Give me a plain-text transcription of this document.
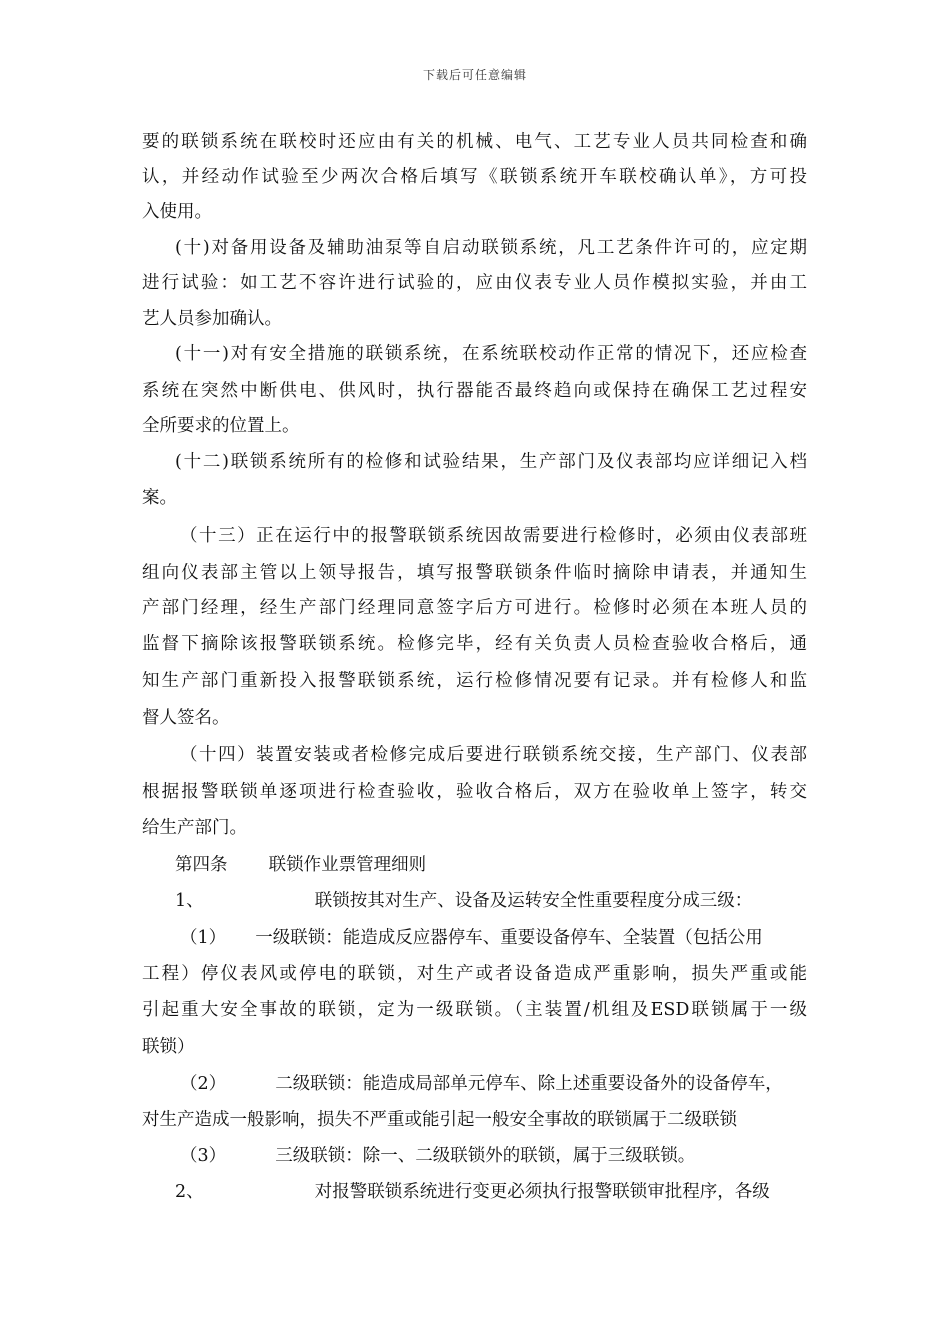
下载后可任意编辑
要的联锁系统在联校时还应由有关的机械、电气、工艺专业人员共同检查和确
认，并经动作试验至少两次合格后填写《联锁系统开车联校确认单》，方可投
入使用。
(十)对备用设备及辅助油泵等自启动联锁系统，凡工艺条件许可的，应定期
进行试验：如工艺不容许进行试验的，应由仪表专业人员作模拟实验，并由工
艺人员参加确认。
(十一)对有安全措施的联锁系统，在系统联校动作正常的情况下，还应检查
系统在突然中断供电、供风时，执行器能否最终趋向或保持在确保工艺过程安
全所要求的位置上。
(十二)联锁系统所有的检修和试验结果，生产部门及仪表部均应详细记入档
案。
（十三）正在运行中的报警联锁系统因故需要进行检修时，必须由仪表部班
组向仪表部主管以上领导报告，填写报警联锁条件临时摘除申请表，并通知生
产部门经理，经生产部门经理同意签字后方可进行。检修时必须在本班人员的
监督下摘除该报警联锁系统。检修完毕，经有关负责人员检查验收合格后，通
知生产部门重新投入报警联锁系统，运行检修情况要有记录。并有检修人和监
督人签名。
（十四）装置安装或者检修完成后要进行联锁系统交接，生产部门、仪表部
根据报警联锁单逐项进行检查验收，验收合格后，双方在验收单上签字，转交
给生产部门。
第四条 联锁作业票管理细则
1、	联锁按其对生产、设备及运转安全性重要程度分成三级：
（1） 一级联锁：能造成反应器停车、重要设备停车、全装置（包括公用
工程）停仪表风或停电的联锁，对生产或者设备造成严重影响，损失严重或能
引起重大安全事故的联锁，定为一级联锁。（主装置/机组及ESD联锁属于一级
联锁）
（2）	二级联锁：能造成局部单元停车、除上述重要设备外的设备停车，
对生产造成一般影响，损失不严重或能引起一般安全事故的联锁属于二级联锁
（3）	三级联锁：除一、二级联锁外的联锁，属于三级联锁。
2、	对报警联锁系统进行变更必须执行报警联锁审批程序，各级
